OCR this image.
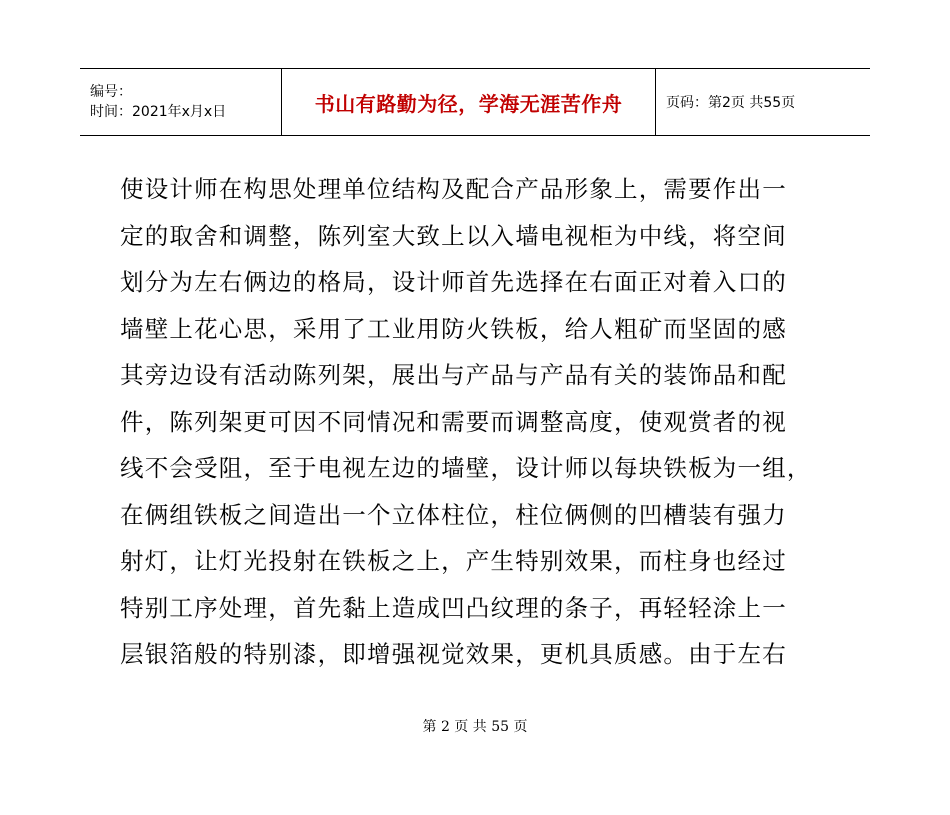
编号：
时间：2021年x月x日	书山有路勤为径，学海无涯苦作舟	页码：第2页 共55页
使设计师在构思处理单位结构及配合产品形象上，需要作出一
定的取舍和调整，陈列室大致上以入墙电视柜为中线，将空间
划分为左右俩边的格局，设计师首先选择在右面正对着入口的
墙壁上花心思，采用了工业用防火铁板，给人粗矿而坚固的感
其旁边设有活动陈列架，展出与产品与产品有关的装饰品和配
件，陈列架更可因不同情况和需要而调整高度，使观赏者的视
线不会受阻，至于电视左边的墙壁，设计师以每块铁板为一组，
在俩组铁板之间造出一个立体柱位，柱位俩侧的凹槽装有强力
射灯，让灯光投射在铁板之上，产生特别效果，而柱身也经过
特别工序处理，首先黏上造成凹凸纹理的条子，再轻轻涂上一
层银箔般的特别漆，即增强视觉效果，更机具质感。由于左右
第 2 页 共 55 页
